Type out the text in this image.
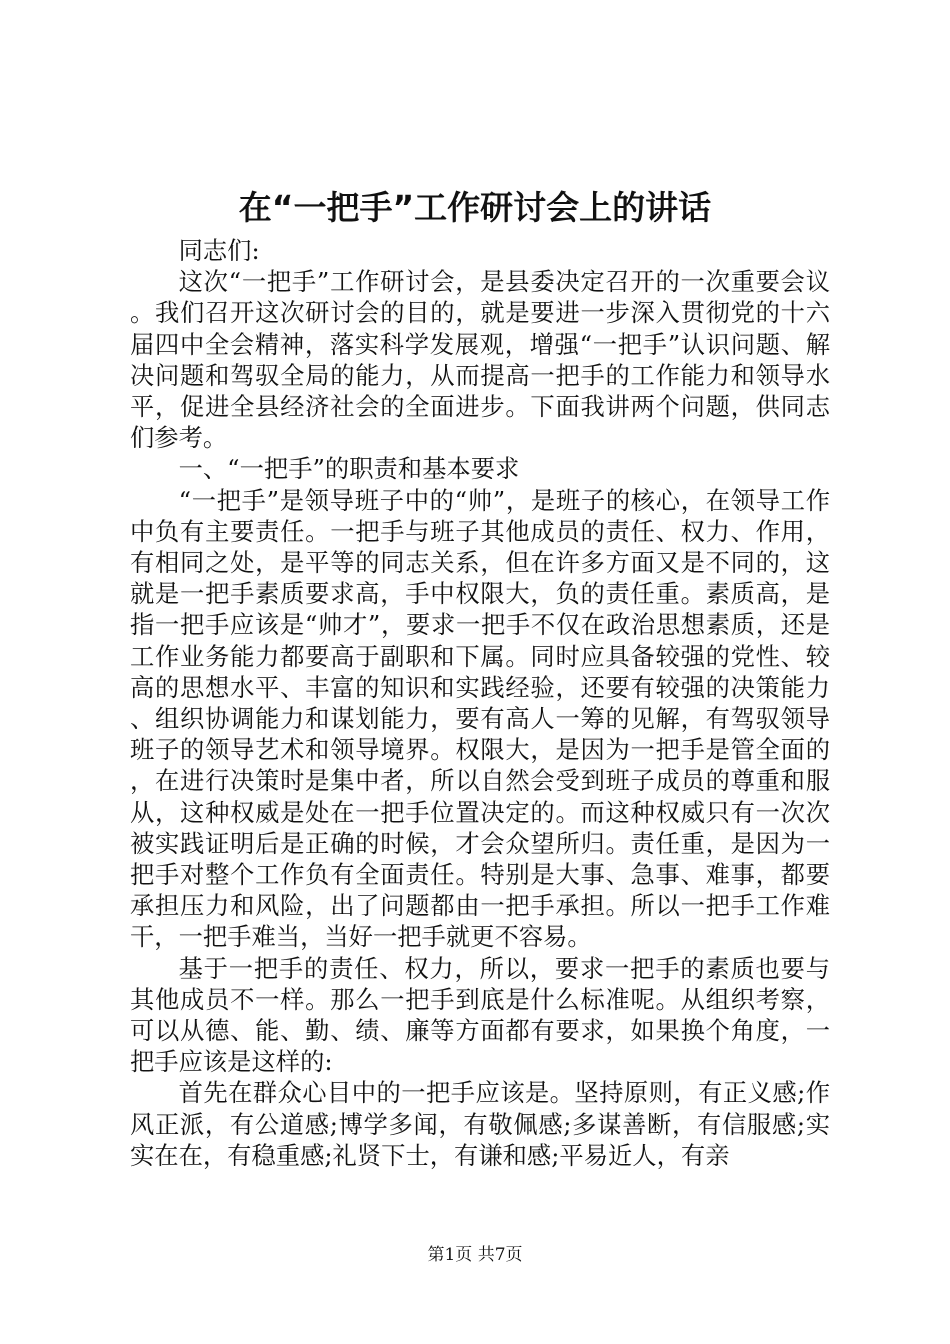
在“一把手”工作研讨会上的讲话

同志们:

这次“一把手”工作研讨会，是县委决定召开的一次重要会议。我们召开这次研讨会的目的，就是要进一步深入贯彻党的十六届四中全会精神，落实科学发展观，增强“一把手”认识问题、解决问题和驾驭全局的能力，从而提高一把手的工作能力和领导水平，促进全县经济社会的全面进步。下面我讲两个问题，供同志们参考。

一、“一把手”的职责和基本要求

“一把手”是领导班子中的“帅”，是班子的核心，在领导工作中负有主要责任。一把手与班子其他成员的责任、权力、作用，有相同之处，是平等的同志关系，但在许多方面又是不同的，这就是一把手素质要求高，手中权限大，负的责任重。素质高，是指一把手应该是“帅才”，要求一把手不仅在政治思想素质，还是工作业务能力都要高于副职和下属。同时应具备较强的党性、较高的思想水平、丰富的知识和实践经验，还要有较强的决策能力、组织协调能力和谋划能力，要有高人一筹的见解，有驾驭领导班子的领导艺术和领导境界。权限大，是因为一把手是管全面的，在进行决策时是集中者，所以自然会受到班子成员的尊重和服从，这种权威是处在一把手位置决定的。而这种权威只有一次次被实践证明后是正确的时候，才会众望所归。责任重，是因为一把手对整个工作负有全面责任。特别是大事、急事、难事，都要承担压力和风险，出了问题都由一把手承担。所以一把手工作难干，一把手难当，当好一把手就更不容易。

基于一把手的责任、权力，所以，要求一把手的素质也要与其他成员不一样。那么一把手到底是什么标准呢。从组织考察，可以从德、能、勤、绩、廉等方面都有要求，如果换个角度，一把手应该是这样的:

首先在群众心目中的一把手应该是。坚持原则，有正义感;作风正派，有公道感;博学多闻，有敬佩感;多谋善断，有信服感;实实在在，有稳重感;礼贤下士，有谦和感;平易近人，有亲

第1页 共7页
